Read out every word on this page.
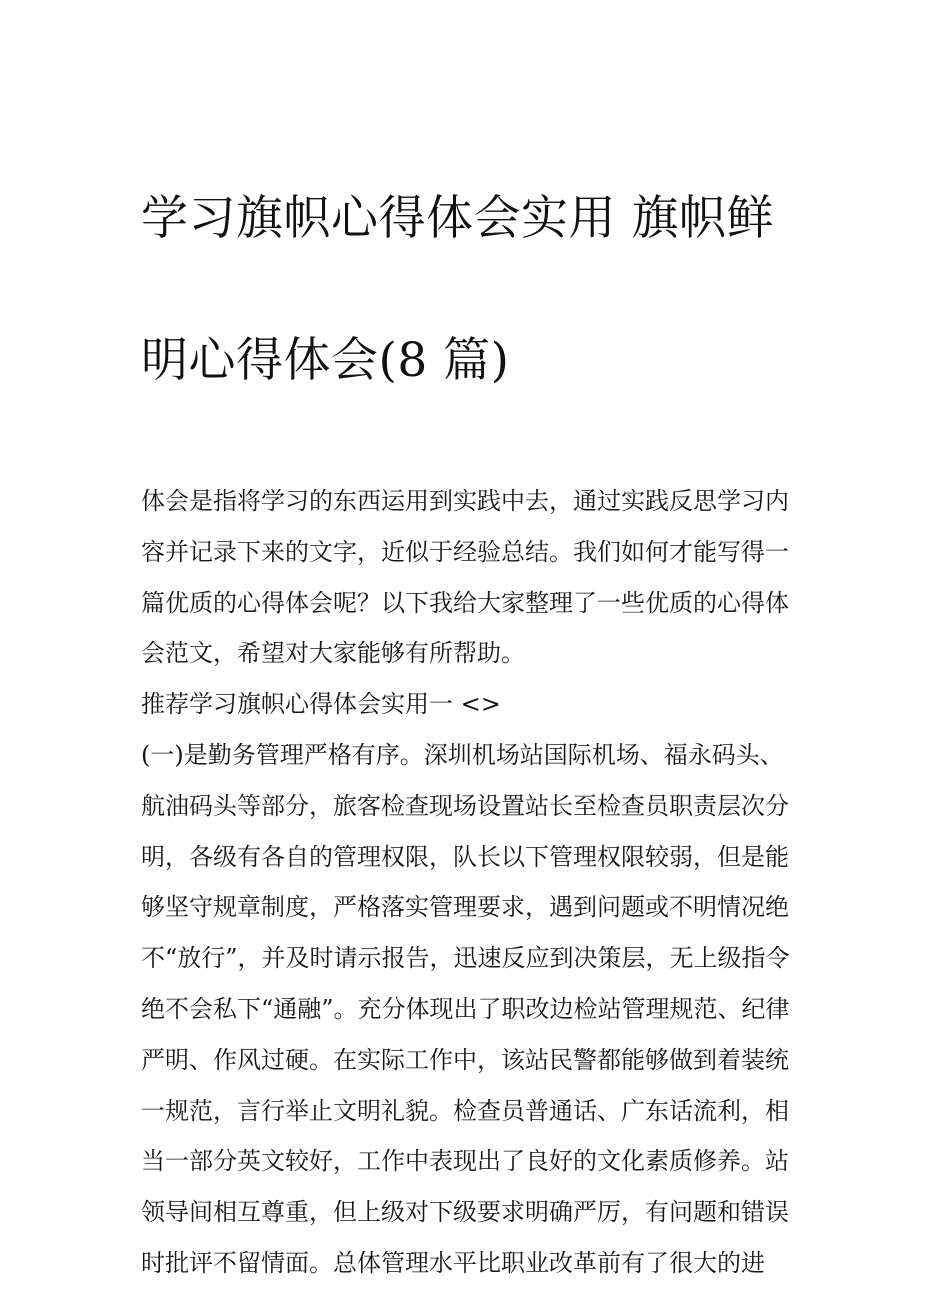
学习旗帜心得体会实用 旗帜鲜

明心得体会(8 篇)

体会是指将学习的东西运用到实践中去，通过实践反思学习内
容并记录下来的文字，近似于经验总结。我们如何才能写得一
篇优质的心得体会呢？以下我给大家整理了一些优质的心得体
会范文，希望对大家能够有所帮助。
推荐学习旗帜心得体会实用一 <>
(一)是勤务管理严格有序。深圳机场站国际机场、福永码头、
航油码头等部分，旅客检查现场设置站长至检查员职责层次分
明，各级有各自的管理权限，队长以下管理权限较弱，但是能
够坚守规章制度，严格落实管理要求，遇到问题或不明情况绝
不“放行”，并及时请示报告，迅速反应到决策层，无上级指令
绝不会私下“通融”。充分体现出了职改边检站管理规范、纪律
严明、作风过硬。在实际工作中，该站民警都能够做到着装统
一规范，言行举止文明礼貌。检查员普通话、广东话流利，相
当一部分英文较好，工作中表现出了良好的文化素质修养。站
领导间相互尊重，但上级对下级要求明确严厉，有问题和错误
时批评不留情面。总体管理水平比职业改革前有了很大的进
